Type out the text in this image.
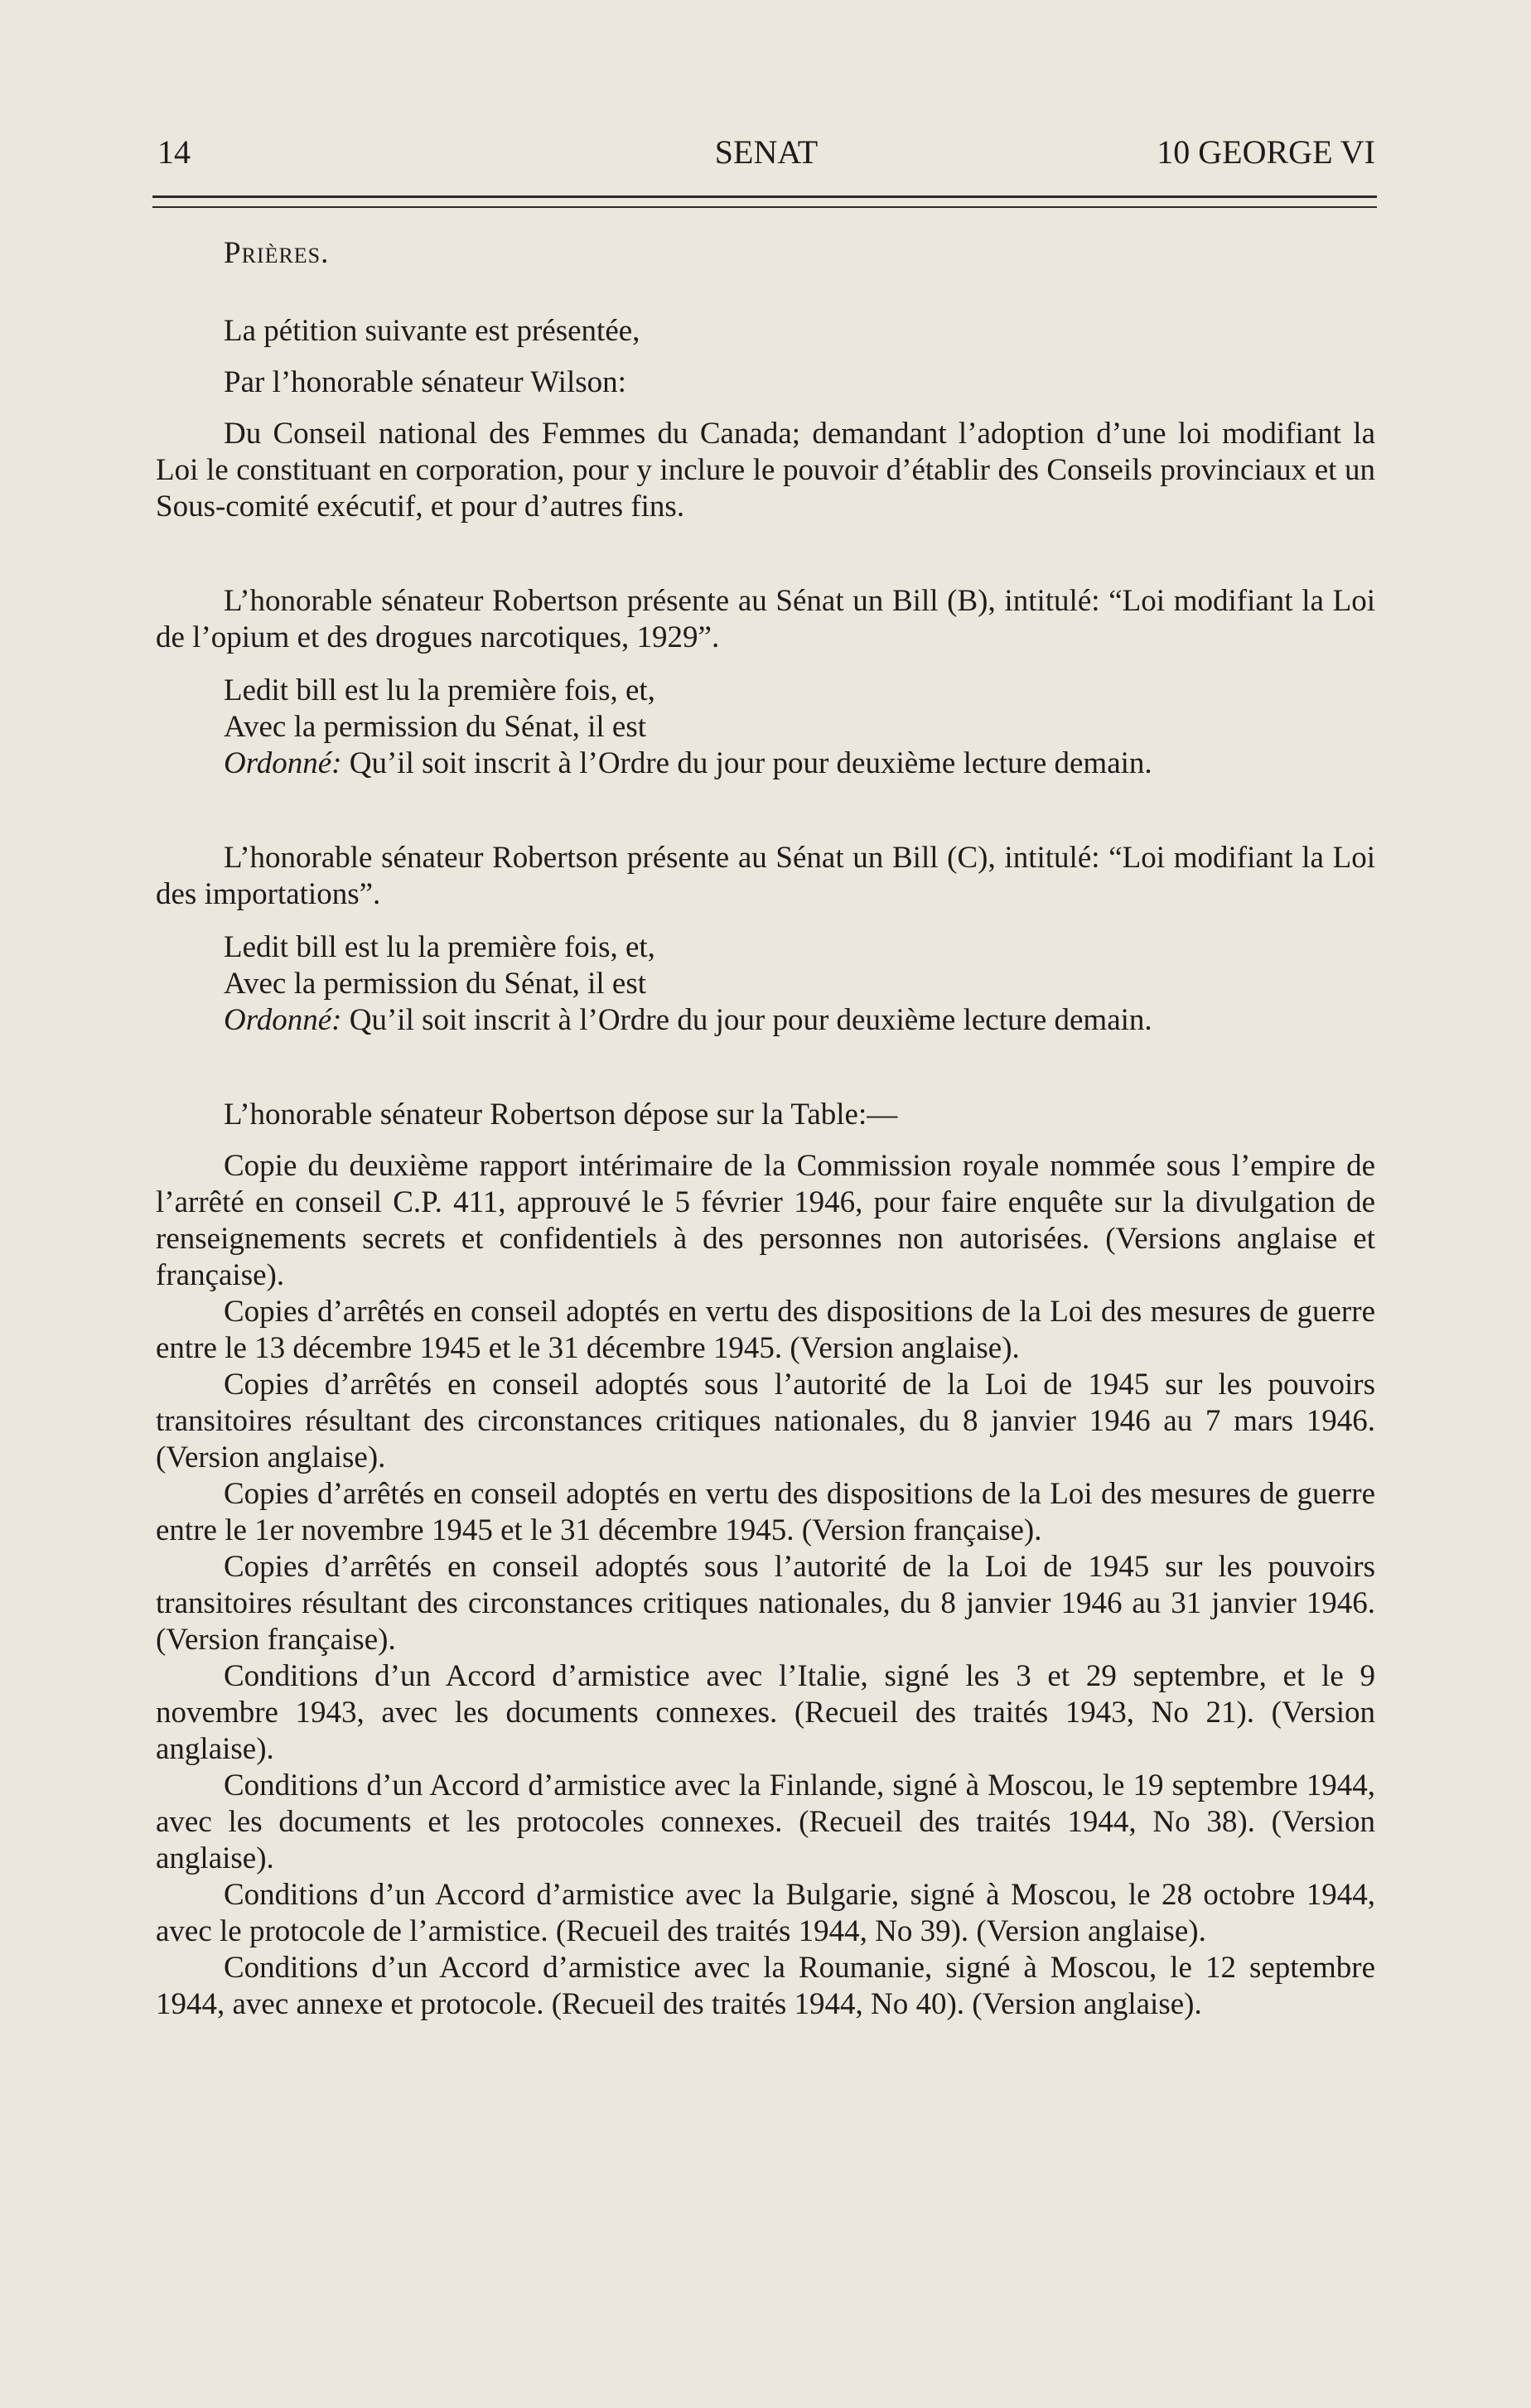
14	SENAT	10 GEORGE VI

Prières.

La pétition suivante est présentée,

Par l’honorable sénateur Wilson:

Du Conseil national des Femmes du Canada; demandant l’adoption d’une loi modifiant la Loi le constituant en corporation, pour y inclure le pouvoir d’établir des Conseils provinciaux et un Sous-comité exécutif, et pour d’autres fins.

L’honorable sénateur Robertson présente au Sénat un Bill (B), intitulé: “Loi modifiant la Loi de l’opium et des drogues narcotiques, 1929”.

Ledit bill est lu la première fois, et,

Avec la permission du Sénat, il est

Ordonné: Qu’il soit inscrit à l’Ordre du jour pour deuxième lecture demain.

L’honorable sénateur Robertson présente au Sénat un Bill (C), intitulé: “Loi modifiant la Loi des importations”.

Ledit bill est lu la première fois, et,

Avec la permission du Sénat, il est

Ordonné: Qu’il soit inscrit à l’Ordre du jour pour deuxième lecture demain.

L’honorable sénateur Robertson dépose sur la Table:—

Copie du deuxième rapport intérimaire de la Commission royale nommée sous l’empire de l’arrêté en conseil C.P. 411, approuvé le 5 février 1946, pour faire enquête sur la divulgation de renseignements secrets et confidentiels à des personnes non autorisées. (Versions anglaise et française).

Copies d’arrêtés en conseil adoptés en vertu des dispositions de la Loi des mesures de guerre entre le 13 décembre 1945 et le 31 décembre 1945. (Version anglaise).

Copies d’arrêtés en conseil adoptés sous l’autorité de la Loi de 1945 sur les pouvoirs transitoires résultant des circonstances critiques nationales, du 8 janvier 1946 au 7 mars 1946. (Version anglaise).

Copies d’arrêtés en conseil adoptés en vertu des dispositions de la Loi des mesures de guerre entre le 1er novembre 1945 et le 31 décembre 1945. (Version française).

Copies d’arrêtés en conseil adoptés sous l’autorité de la Loi de 1945 sur les pouvoirs transitoires résultant des circonstances critiques nationales, du 8 janvier 1946 au 31 janvier 1946. (Version française).

Conditions d’un Accord d’armistice avec l’Italie, signé les 3 et 29 septembre, et le 9 novembre 1943, avec les documents connexes. (Recueil des traités 1943, No 21). (Version anglaise).

Conditions d’un Accord d’armistice avec la Finlande, signé à Moscou, le 19 septembre 1944, avec les documents et les protocoles connexes. (Recueil des traités 1944, No 38). (Version anglaise).

Conditions d’un Accord d’armistice avec la Bulgarie, signé à Moscou, le 28 octobre 1944, avec le protocole de l’armistice. (Recueil des traités 1944, No 39). (Version anglaise).

Conditions d’un Accord d’armistice avec la Roumanie, signé à Moscou, le 12 septembre 1944, avec annexe et protocole. (Recueil des traités 1944, No 40). (Version anglaise).
